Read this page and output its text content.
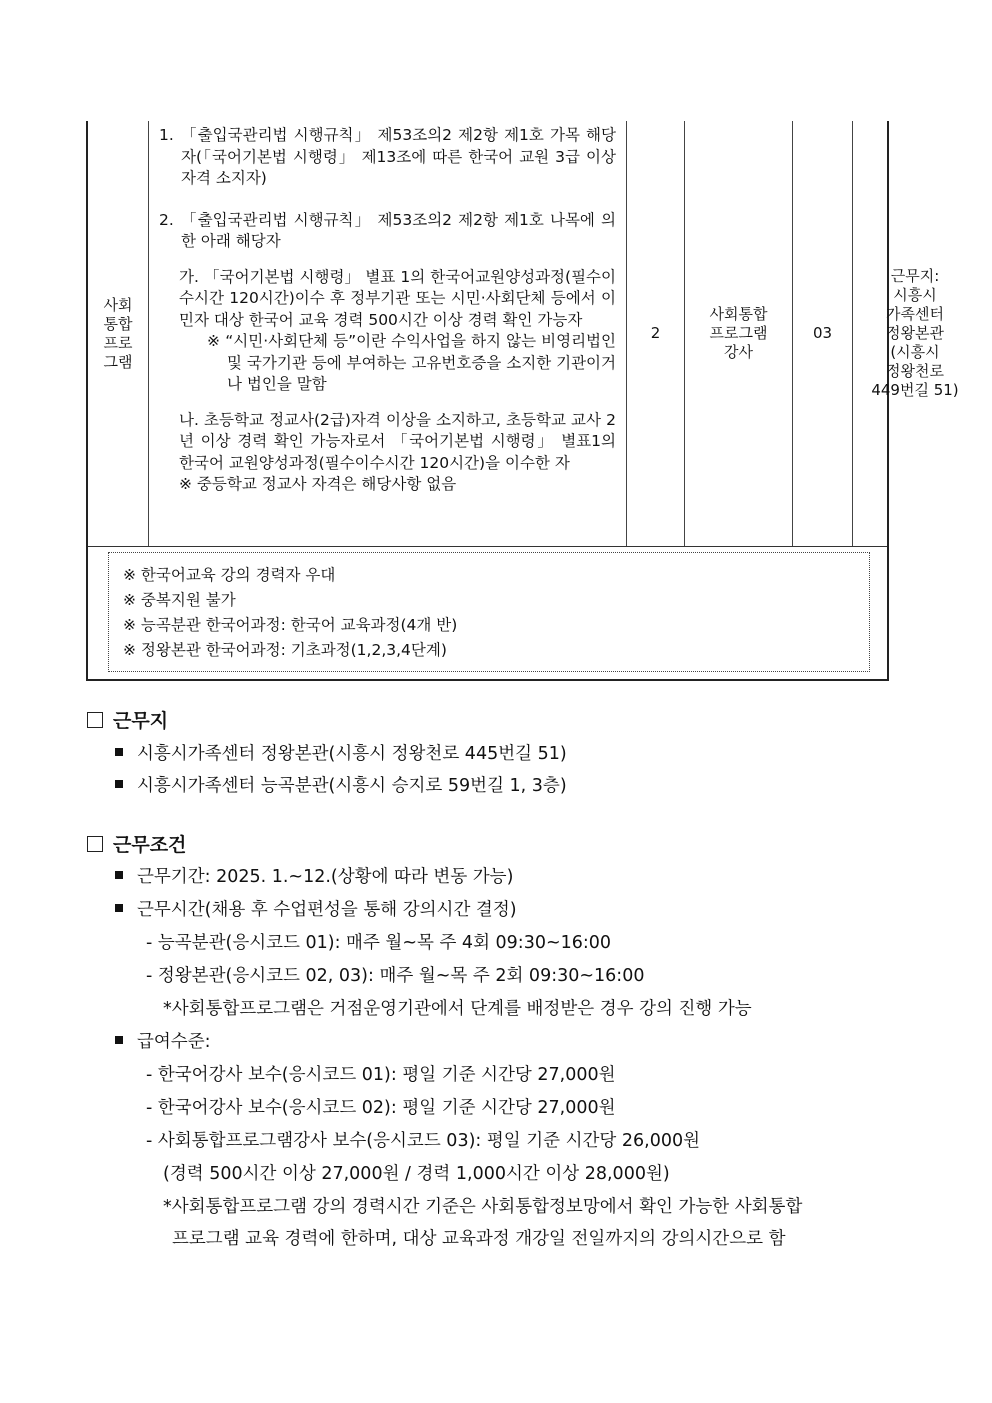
사회
통합
프로
그램
1. 「출입국관리법 시행규칙」 제53조의2 제2항 제1호 가목 해당자(「국어기본법 시행령」 제13조에 따른 한국어 교원 3급 이상 자격 소지자)
2. 「출입국관리법 시행규칙」 제53조의2 제2항 제1호 나목에 의한 아래 해당자

가. 「국어기본법 시행령」 별표 1의 한국어교원양성과정(필수이수시간 120시간)이수 후 정부기관 또는 시민·사회단체 등에서 이민자 대상 한국어 교육 경력 500시간 이상 경력 확인 가능자

※ “시민·사회단체 등”이란 수익사업을 하지 않는 비영리법인 및 국가기관 등에 부여하는 고유번호증을 소지한 기관이거나 법인을 말함

나. 초등학교 정교사(2급)자격 이상을 소지하고, 초등학교 교사 2년 이상 경력 확인 가능자로서 「국어기본법 시행령」 별표1의 한국어 교원양성과정(필수이수시간 120시간)을 이수한 자

※ 중등학교 정교사 자격은 해당사항 없음

2
사회통합
프로그램
강사
03
근무지:
시흥시
가족센터
정왕본관
(시흥시
정왕천로
449번길 51)
※ 한국어교육 강의 경력자 우대
※ 중복지원 불가
※ 능곡분관 한국어과정: 한국어 교육과정(4개 반)
※ 정왕본관 한국어과정: 기초과정(1,2,3,4단계)
근무지
시흥시가족센터 정왕본관(시흥시 정왕천로 445번길 51)
시흥시가족센터 능곡분관(시흥시 승지로 59번길 1, 3층)
근무조건
근무기간: 2025. 1.~12.(상황에 따라 변동 가능)
근무시간(채용 후 수업편성을 통해 강의시간 결정)
- 능곡분관(응시코드 01): 매주 월~목 주 4회 09:30~16:00
- 정왕본관(응시코드 02, 03): 매주 월~목 주 2회 09:30~16:00
*사회통합프로그램은 거점운영기관에서 단계를 배정받은 경우 강의 진행 가능
급여수준:
- 한국어강사 보수(응시코드 01): 평일 기준 시간당 27,000원
- 한국어강사 보수(응시코드 02): 평일 기준 시간당 27,000원
- 사회통합프로그램강사 보수(응시코드 03): 평일 기준 시간당 26,000원
(경력 500시간 이상 27,000원 / 경력 1,000시간 이상 28,000원)
*사회통합프로그램 강의 경력시간 기준은 사회통합정보망에서 확인 가능한 사회통합
프로그램 교육 경력에 한하며, 대상 교육과정 개강일 전일까지의 강의시간으로 함
